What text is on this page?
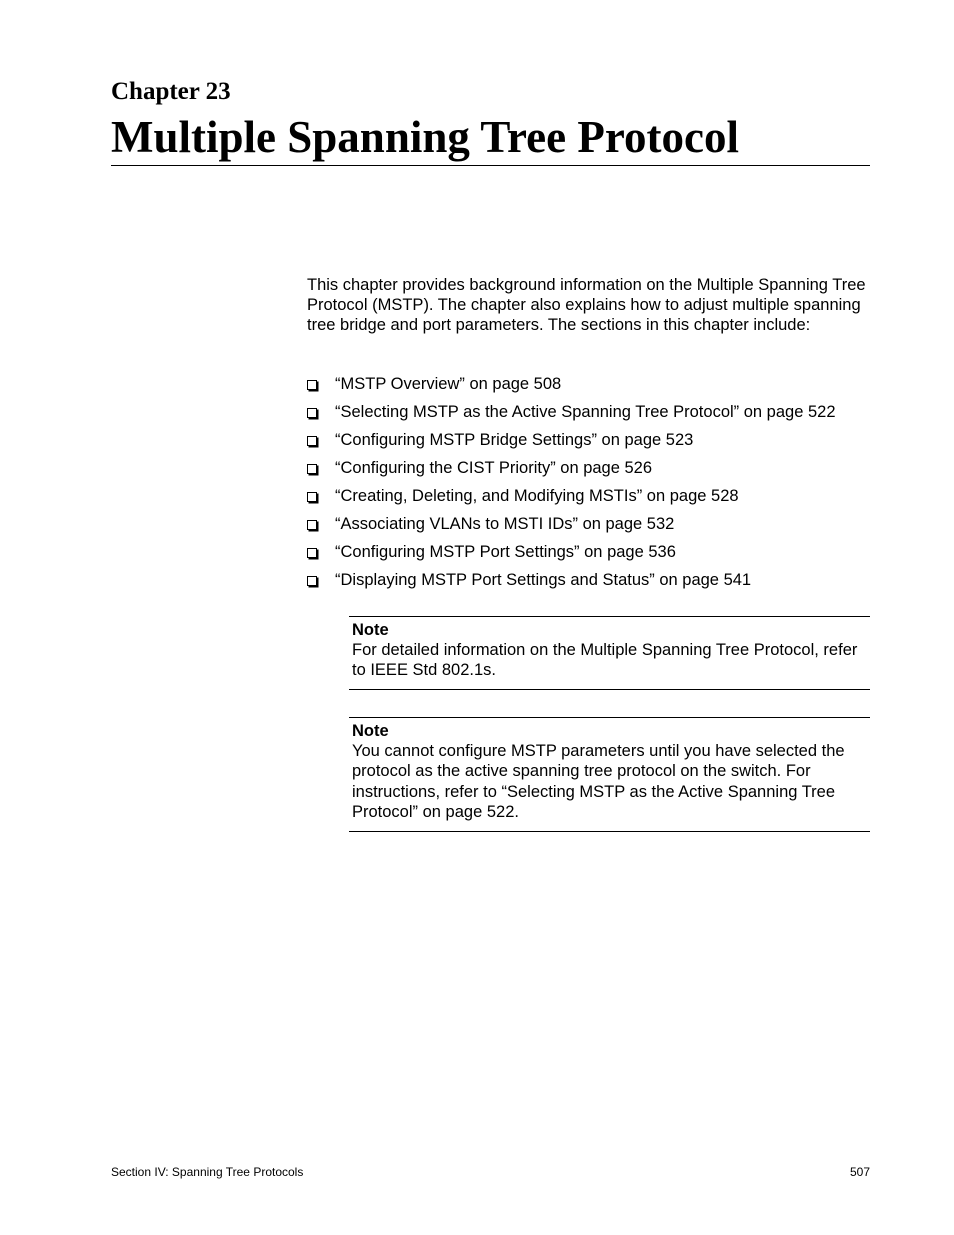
Chapter 23
Multiple Spanning Tree Protocol

This chapter provides background information on the Multiple Spanning Tree Protocol (MSTP). The chapter also explains how to adjust multiple spanning tree bridge and port parameters. The sections in this chapter include:

“MSTP Overview” on page 508
“Selecting MSTP as the Active Spanning Tree Protocol” on page 522
“Configuring MSTP Bridge Settings” on page 523
“Configuring the CIST Priority” on page 526
“Creating, Deleting, and Modifying MSTIs” on page 528
“Associating VLANs to MSTI IDs” on page 532
“Configuring MSTP Port Settings” on page 536
“Displaying MSTP Port Settings and Status” on page 541

Note

For detailed information on the Multiple Spanning Tree Protocol, refer to IEEE Std 802.1s.

Note

You cannot configure MSTP parameters until you have selected the protocol as the active spanning tree protocol on the switch. For instructions, refer to “Selecting MSTP as the Active Spanning Tree Protocol” on page 522.

Section IV: Spanning Tree Protocols	507
